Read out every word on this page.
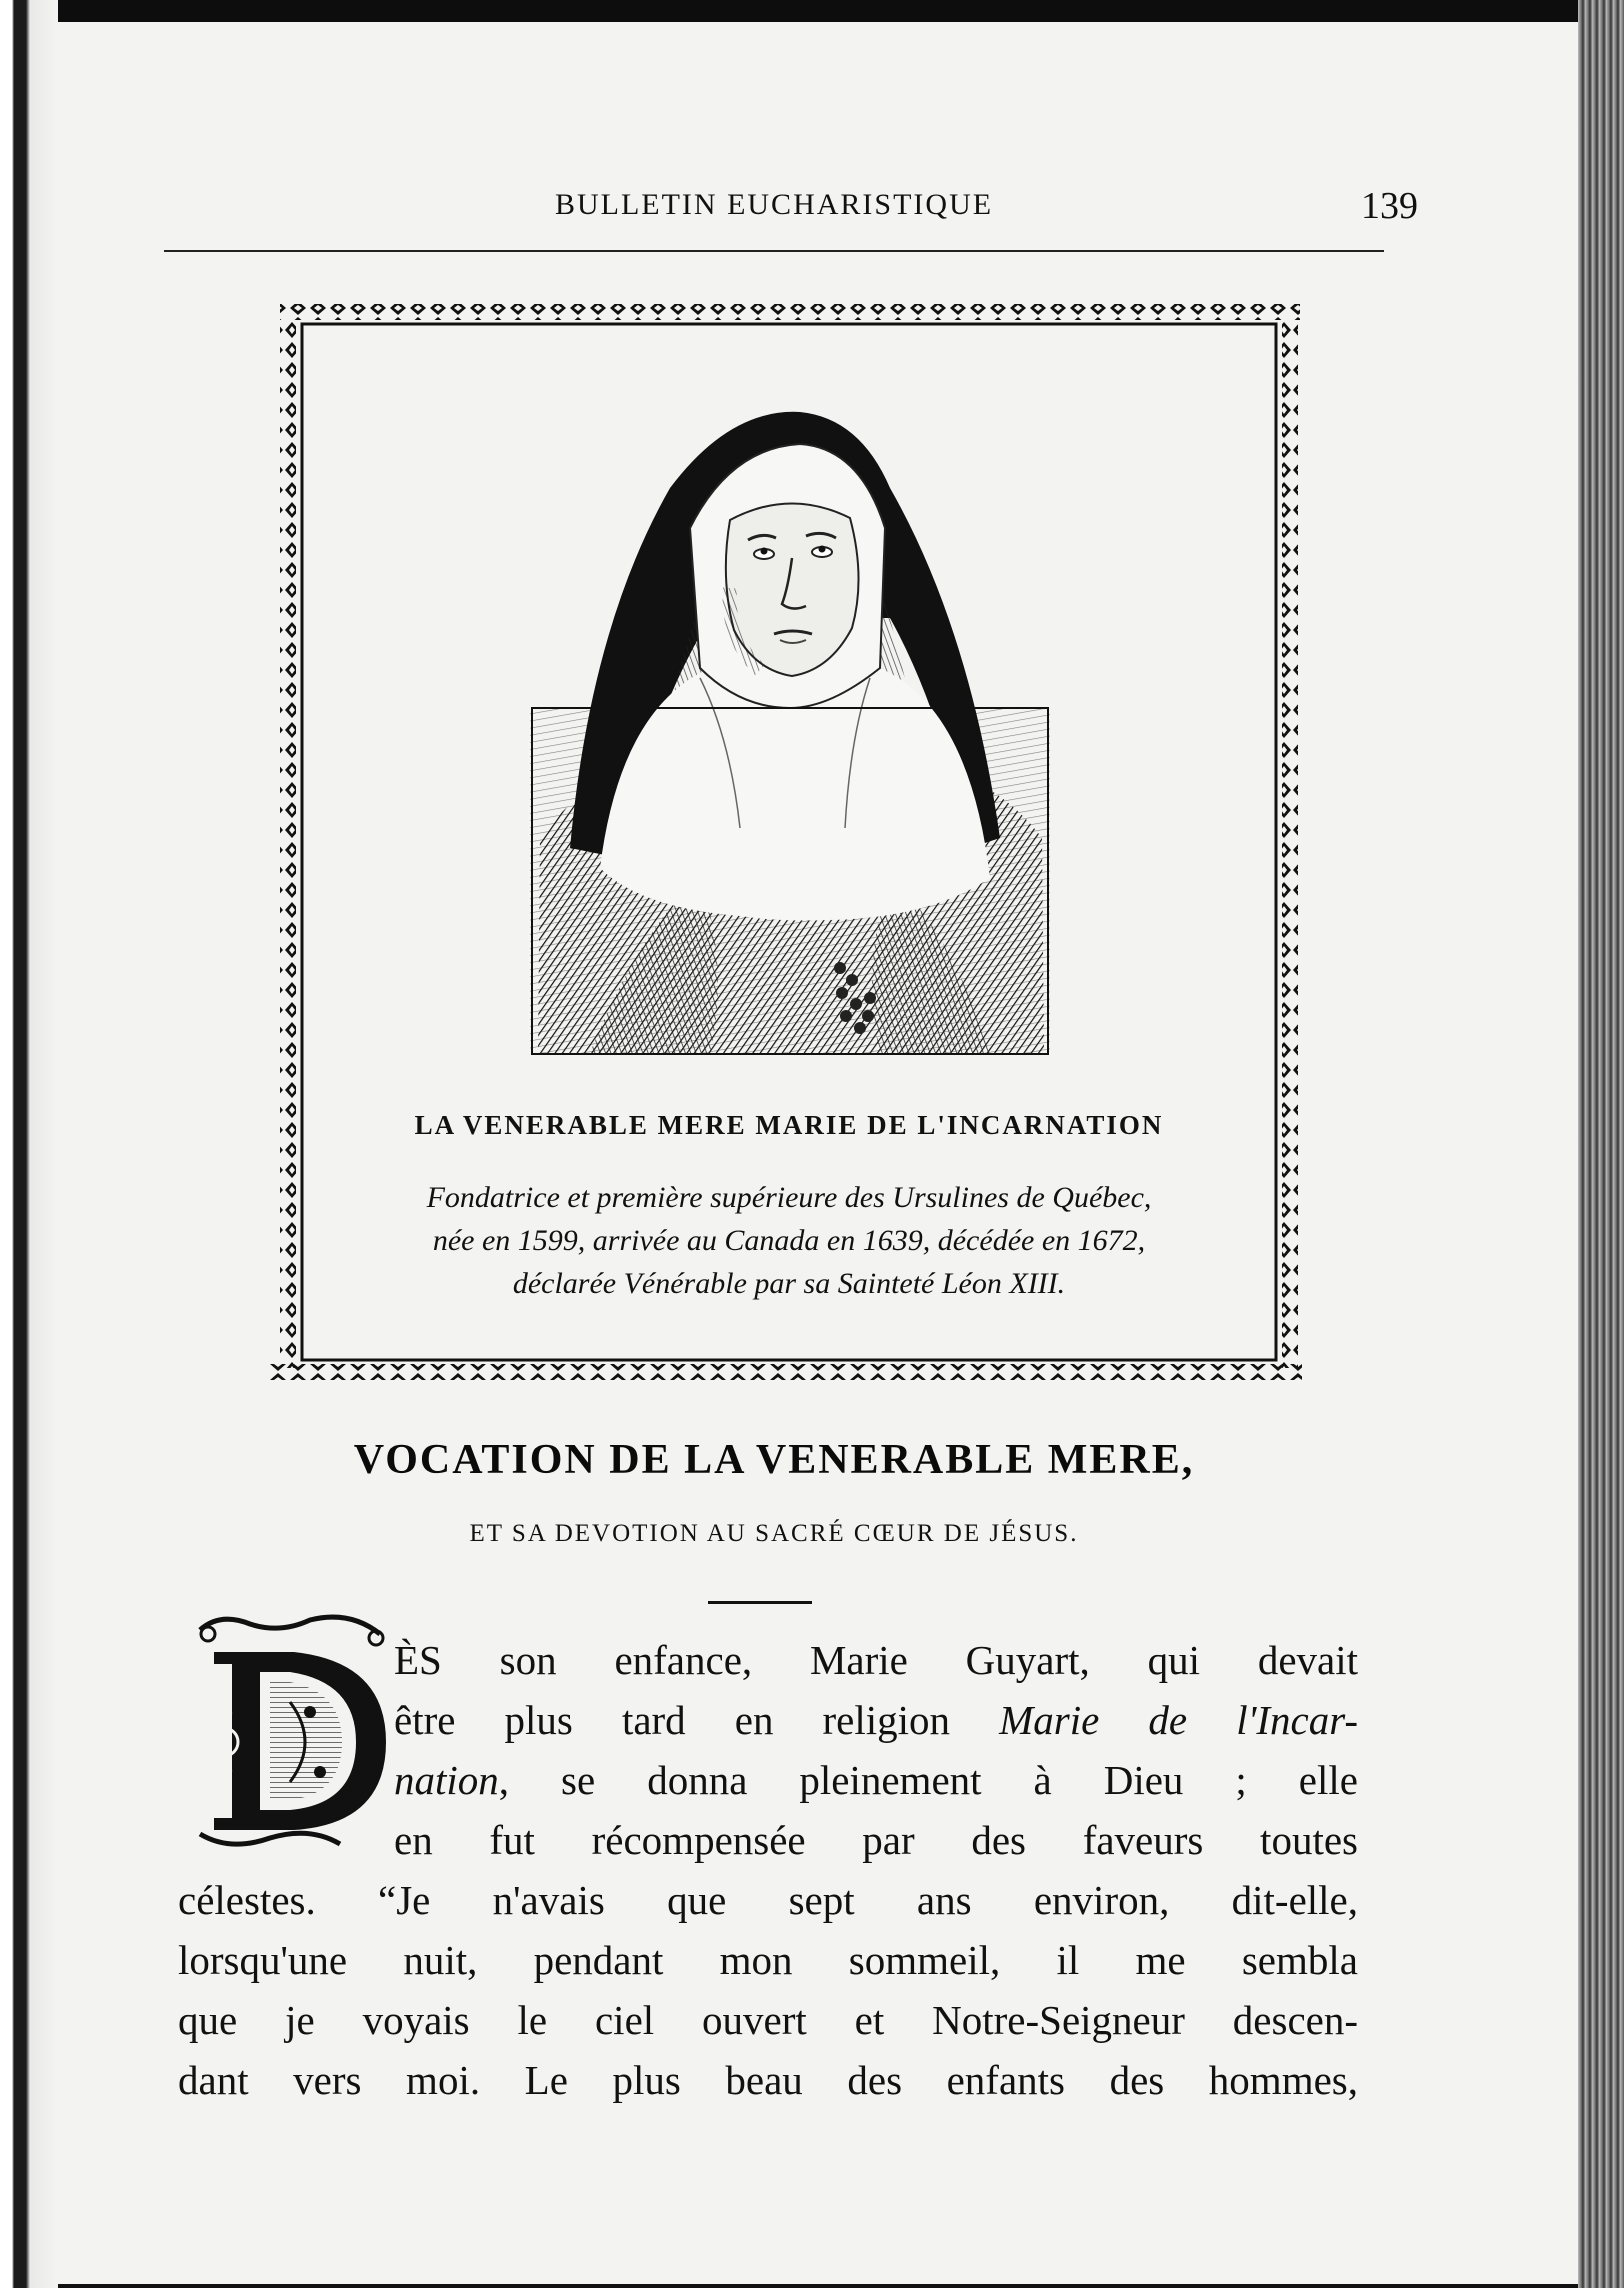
BULLETIN EUCHARISTIQUE	139
LA VENERABLE MERE MARIE DE L'INCARNATION
Fondatrice et première supérieure des Ursulines de Québec,
née en 1599, arrivée au Canada en 1639, décédée en 1672,
déclarée Vénérable par sa Sainteté Léon XIII.
VOCATION DE LA VENERABLE MERE,
ET SA DEVOTION AU SACRÉ CŒUR DE JÉSUS.
ÈS son enfance, Marie Guyart, qui devait
être plus tard en religion Marie de l'Incar-
nation, se donna pleinement à Dieu ; elle
en fut récompensée par des faveurs toutes
célestes. “Je n'avais que sept ans environ, dit-elle,
lorsqu'une nuit, pendant mon sommeil, il me sembla
que je voyais le ciel ouvert et Notre-Seigneur descen-
dant vers moi. Le plus beau des enfants des hommes,
